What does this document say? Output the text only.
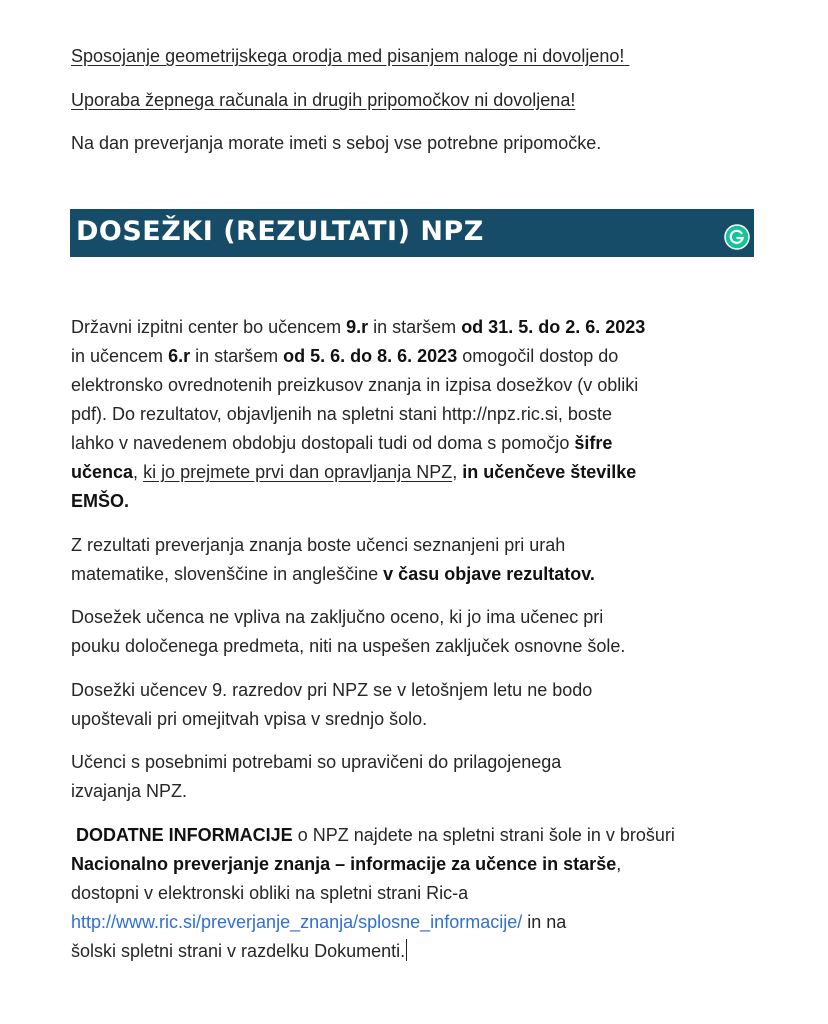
Sposojanje geometrijskega orodja med pisanjem naloge ni dovoljeno!

Uporaba žepnega računala in drugih pripomočkov ni dovoljena!

Na dan preverjanja morate imeti s seboj vse potrebne pripomočke.

DOSEŽKI (REZULTATI) NPZ

Državni izpitni center bo učencem 9.r in staršem od 31. 5. do 2. 6. 2023

in učencem 6.r in staršem od 5. 6. do 8. 6. 2023 omogočil dostop do

elektronsko ovrednotenih preizkusov znanja in izpisa dosežkov (v obliki

pdf). Do rezultatov, objavljenih na spletni stani http://npz.ric.si, boste

lahko v navedenem obdobju dostopali tudi od doma s pomočjo šifre

učenca, ki jo prejmete prvi dan opravljanja NPZ, in učenčeve številke

EMŠO.

Z rezultati preverjanja znanja boste učenci seznanjeni pri urah

matematike, slovenščine in angleščine v času objave rezultatov.

Dosežek učenca ne vpliva na zaključno oceno, ki jo ima učenec pri

pouku določenega predmeta, niti na uspešen zaključek osnovne šole.

Dosežki učencev 9. razredov pri NPZ se v letošnjem letu ne bodo

upoštevali pri omejitvah vpisa v srednjo šolo.

Učenci s posebnimi potrebami so upravičeni do prilagojenega

izvajanja NPZ.

DODATNE INFORMACIJE o NPZ najdete na spletni strani šole in v brošuri

Nacionalno preverjanje znanja – informacije za učence in starše,

dostopni v elektronski obliki na spletni strani Ric-a

http://www.ric.si/preverjanje_znanja/splosne_informacije/ in na

šolski spletni strani v razdelku Dokumenti.
